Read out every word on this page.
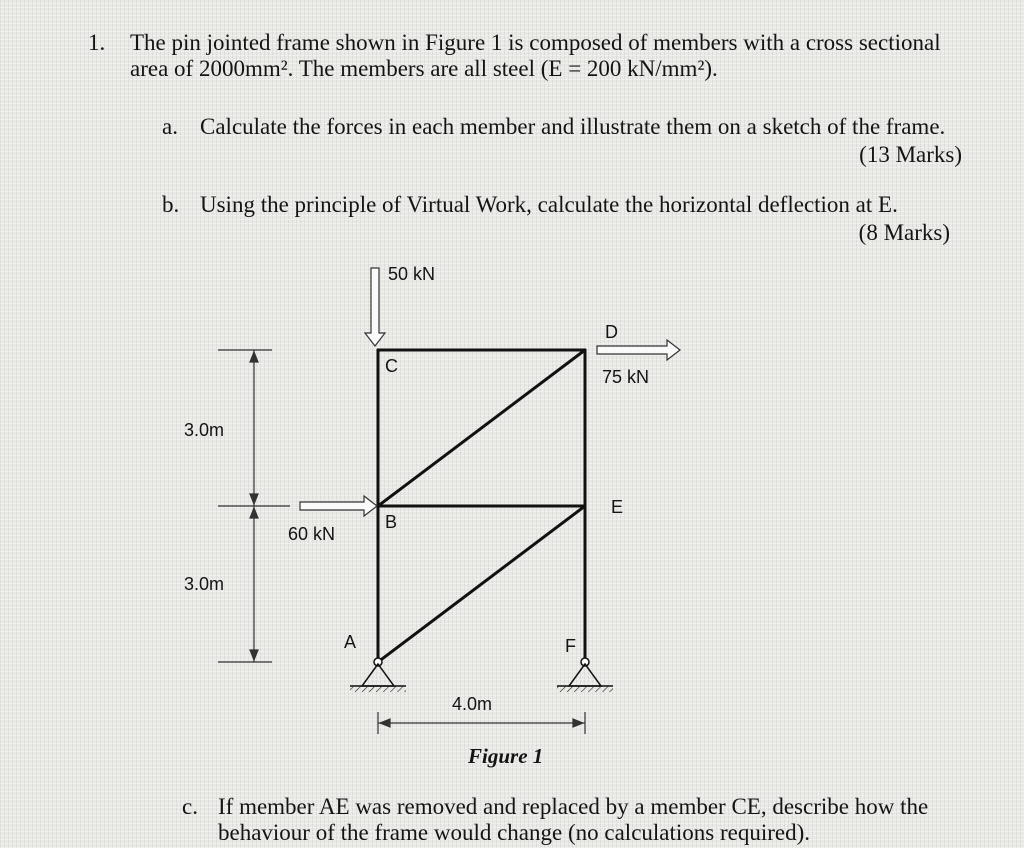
1. The pin jointed frame shown in Figure 1 is composed of members with a cross sectional
area of 2000mm². The members are all steel (E = 200 kN/mm²).
a. Calculate the forces in each member and illustrate them on a sketch of the frame.
(13 Marks)
b. Using the principle of Virtual Work, calculate the horizontal deflection at E.
(8 Marks)
c. If member AE was removed and replaced by a member CE, describe how the
behaviour of the frame would change (no calculations required).
50 kN
D
75 kN
C
3.0m
E
B
60 kN
3.0m
A	F
4.0m
Figure 1
